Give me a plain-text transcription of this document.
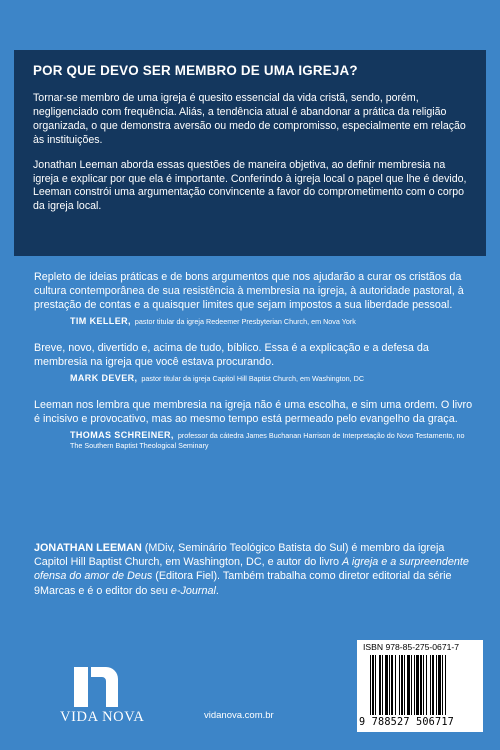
POR QUE DEVO SER MEMBRO DE UMA IGREJA?

Tornar-se membro de uma igreja é quesito essencial da vida cristã, sendo, porém, negligenciado com frequência. Aliás, a tendência atual é abandonar a prática da religião organizada, o que demonstra aversão ou medo de compromisso, especialmente em relação às instituições.

Jonathan Leeman aborda essas questões de maneira objetiva, ao definir membresia na igreja e explicar por que ela é importante. Conferindo à igreja local o papel que lhe é devido, Leeman constrói uma argumentação convincente a favor do comprometimento com o corpo da igreja local.

Repleto de ideias práticas e de bons argumentos que nos ajudarão a curar os cristãos da cultura contemporânea de sua resistência à membresia na igreja, à autoridade pastoral, à prestação de contas e a quaisquer limites que sejam impostos a sua liberdade pessoal.

TIM KELLER, pastor titular da igreja Redeemer Presbyterian Church, em Nova York

Breve, novo, divertido e, acima de tudo, bíblico. Essa é a explicação e a defesa da membresia na igreja que você estava procurando.

MARK DEVER, pastor titular da igreja Capitol Hill Baptist Church, em Washington, DC

Leeman nos lembra que membresia na igreja não é uma escolha, e sim uma ordem. O livro é incisivo e provocativo, mas ao mesmo tempo está permeado pelo evangelho da graça.

THOMAS SCHREINER, professor da cátedra James Buchanan Harrison de Interpretação do Novo Testamento, no The Southern Baptist Theological Seminary

JONATHAN LEEMAN (MDiv, Seminário Teológico Batista do Sul) é membro da igreja Capitol Hill Baptist Church, em Washington, DC, e autor do livro A igreja e a surpreendente ofensa do amor de Deus (Editora Fiel). Também trabalha como diretor editorial da série 9Marcas e é o editor do seu e-Journal.

VIDA NOVA	vidanova.com.br
ISBN 978-85-275-0671-7
9 788527 506717
